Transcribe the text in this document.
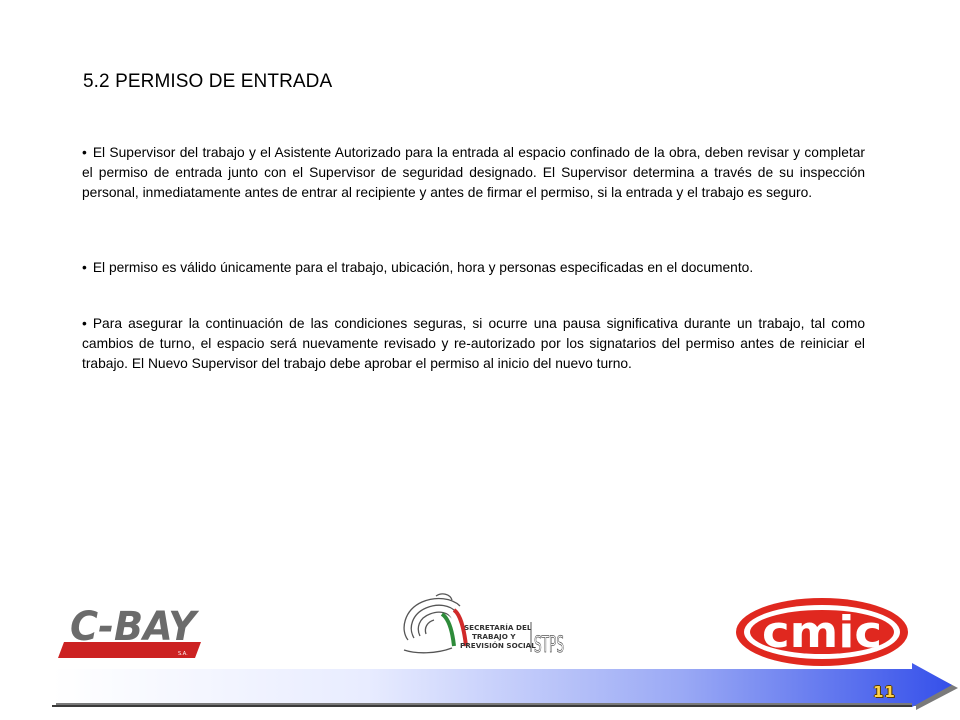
5.2 PERMISO DE ENTRADA
• El Supervisor del trabajo y el Asistente Autorizado para la entrada al espacio confinado de la obra, deben revisar y completar el permiso de entrada junto con el Supervisor de seguridad designado. El Supervisor determina a través de su inspección personal, inmediatamente antes de entrar al recipiente y antes de firmar el permiso, si la entrada y el trabajo es seguro.
• El permiso es válido únicamente para el trabajo, ubicación, hora y personas especificadas en el documento.
• Para asegurar la continuación de las condiciones seguras, si ocurre una pausa significativa durante un trabajo, tal como cambios de turno, el espacio será nuevamente revisado y re-autorizado por los signatarios del permiso antes de reiniciar el trabajo. El Nuevo Supervisor del trabajo debe aprobar el permiso al inicio del nuevo turno.
C-BAY
S.A.
SECRETARÍA DEL
TRABAJO Y
PREVISIÓN SOCIAL
STPS	cmic
11
